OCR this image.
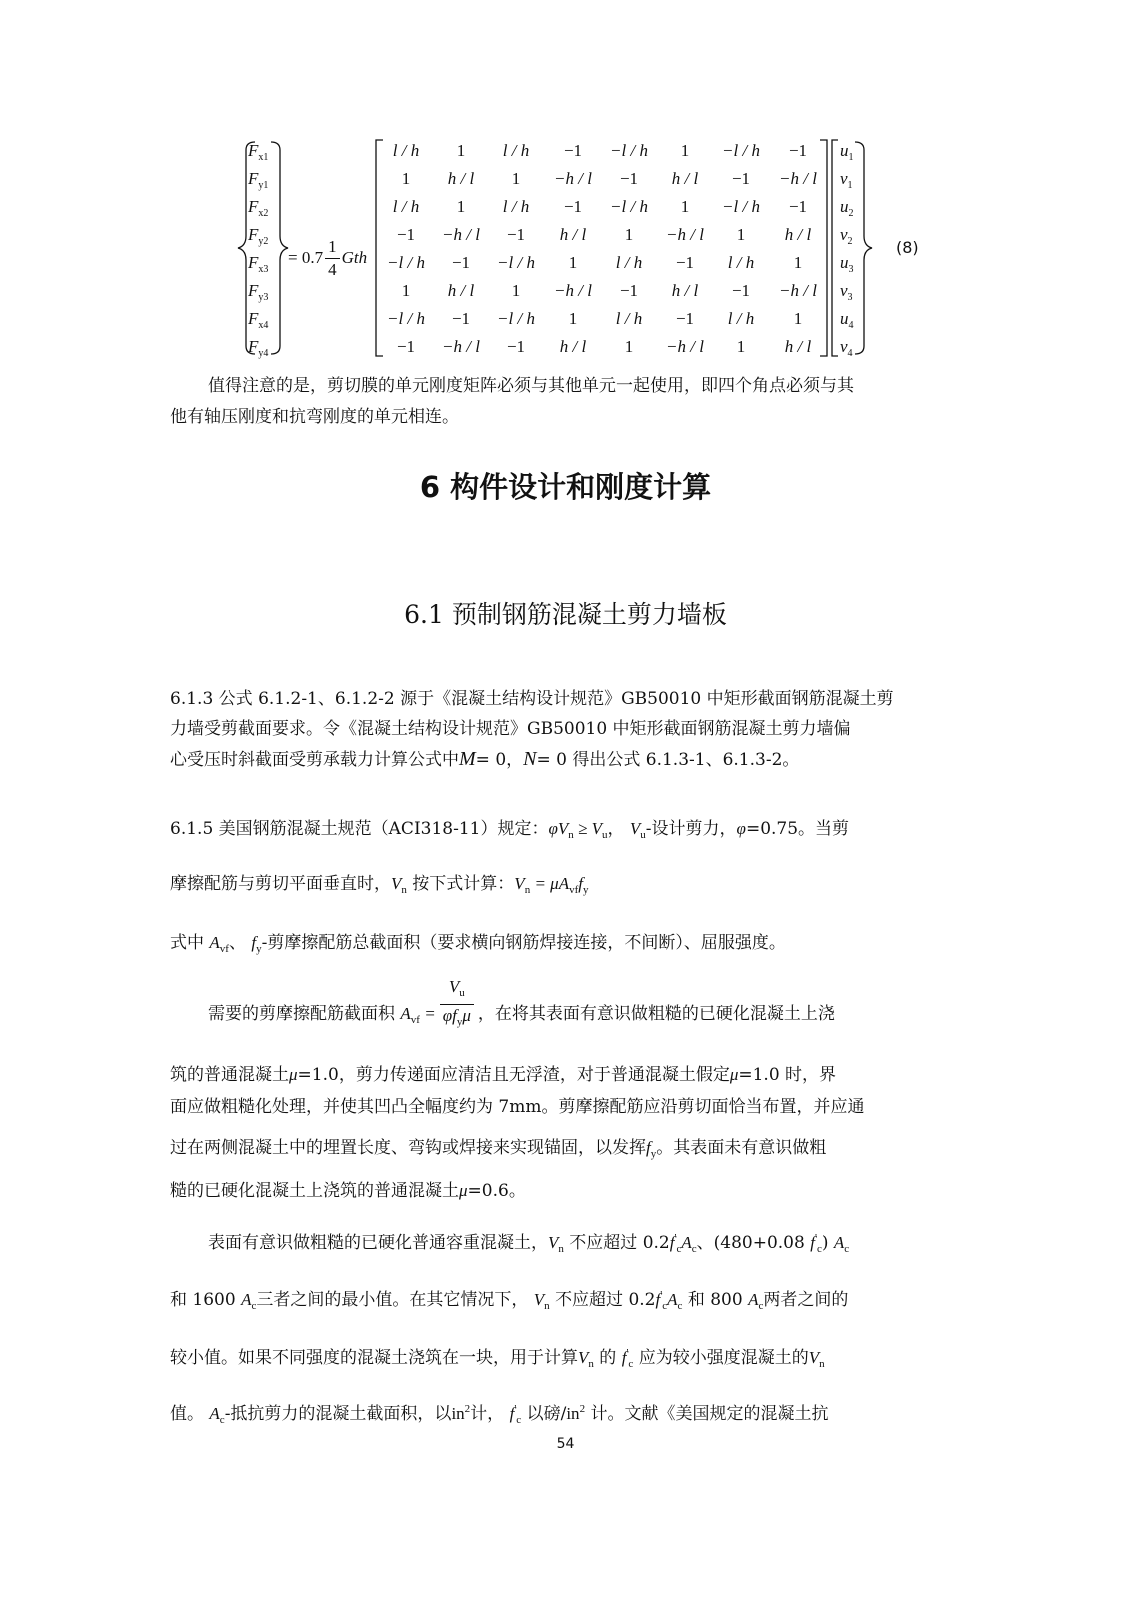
$F_{x1}$
$F_{y1}$
$F_{x2}$
$F_{y2}$
$F_{x3}$
$F_{y3}$
$F_{x4}$
$F_{y4}$
= $0.7 \frac{1}{4}$ Gth
l / h	1	l / h	−1	−l / h	1	−l / h	−1
1	h / l	1	−h / l	−1	h / l	−1	−h / l
l / h	1	l / h	−1	−l / h	1	−l / h	−1
−1	−h / l	−1	h / l	1	−h / l	1	h / l
−l / h	−1	−l / h	1	l / h	−1	l / h	1
1	h / l	1	−h / l	−1	h / l	−1	−h / l
−l / h	−1	−l / h	1	l / h	−1	l / h	1
−1	−h / l	−1	h / l	1	−h / l	1	h / l
$u_1$
$v_1$
$u_2$
$v_2$
$u_3$
$v_3$
$u_4$
$v_4$
(8)
值得注意的是，剪切膜的单元刚度矩阵必须与其他单元一起使用，即四个角点必须与其
他有轴压刚度和抗弯刚度的单元相连。
6 构件设计和刚度计算
6.1 预制钢筋混凝土剪力墙板
6.1.3 公式 6.1.2-1、6.1.2-2 源于《混凝土结构设计规范》GB50010 中矩形截面钢筋混凝土剪
力墙受剪截面要求。令《混凝土结构设计规范》GB50010 中矩形截面钢筋混凝土剪力墙偏
心受压时斜截面受剪承载力计算公式中M= 0，N= 0 得出公式 6.1.3-1、6.1.3-2。
6.1.5 美国钢筋混凝土规范（ACI318-11）规定：$\varphi V_n \ge V_u$， $V_u-$设计剪力，φ=0.75。当剪
摩擦配筋与剪切平面垂直时，$V_n$ 按下式计算：$V_n = \mu A_{vf}f_y$
式中 $A_{vf}$、 $f_y-$剪摩擦配筋总截面积（要求横向钢筋焊接连接，不间断）、屈服强度。
需要的剪摩擦配筋截面积 $A_{vf} = \frac{V_u}{\varphi f_y\mu}$ ，在将其表面有意识做粗糙的已硬化混凝土上浇
筑的普通混凝土μ=1.0，剪力传递面应清洁且无浮渣，对于普通混凝土假定μ=1.0 时，界
面应做粗糙化处理，并使其凹凸全幅度约为 7mm。剪摩擦配筋应沿剪切面恰当布置，并应通
过在两侧混凝土中的埋置长度、弯钩或焊接来实现锚固，以发挥$f_y$。其表面未有意识做粗
糙的已硬化混凝土上浇筑的普通混凝土μ=0.6。
表面有意识做粗糙的已硬化普通容重混凝土，$V_n$ 不应超过 $0.2f'_cA_c$、(480+0.08 $f'_c$) $A_c$
和 1600 $A_c$三者之间的最小值。在其它情况下， $V_n$ 不应超过 $0.2f'_cA_c$ 和 800 $A_c$两者之间的
较小值。如果不同强度的混凝土浇筑在一块，用于计算$V_n$ 的 $f'_c$ 应为较小强度混凝土的$V_n$
值。 $A_c-$抵抗剪力的混凝土截面积，以$in^2$计， $f'_c$ 以磅$/in^2$ 计。文献《美国规定的混凝土抗
54
